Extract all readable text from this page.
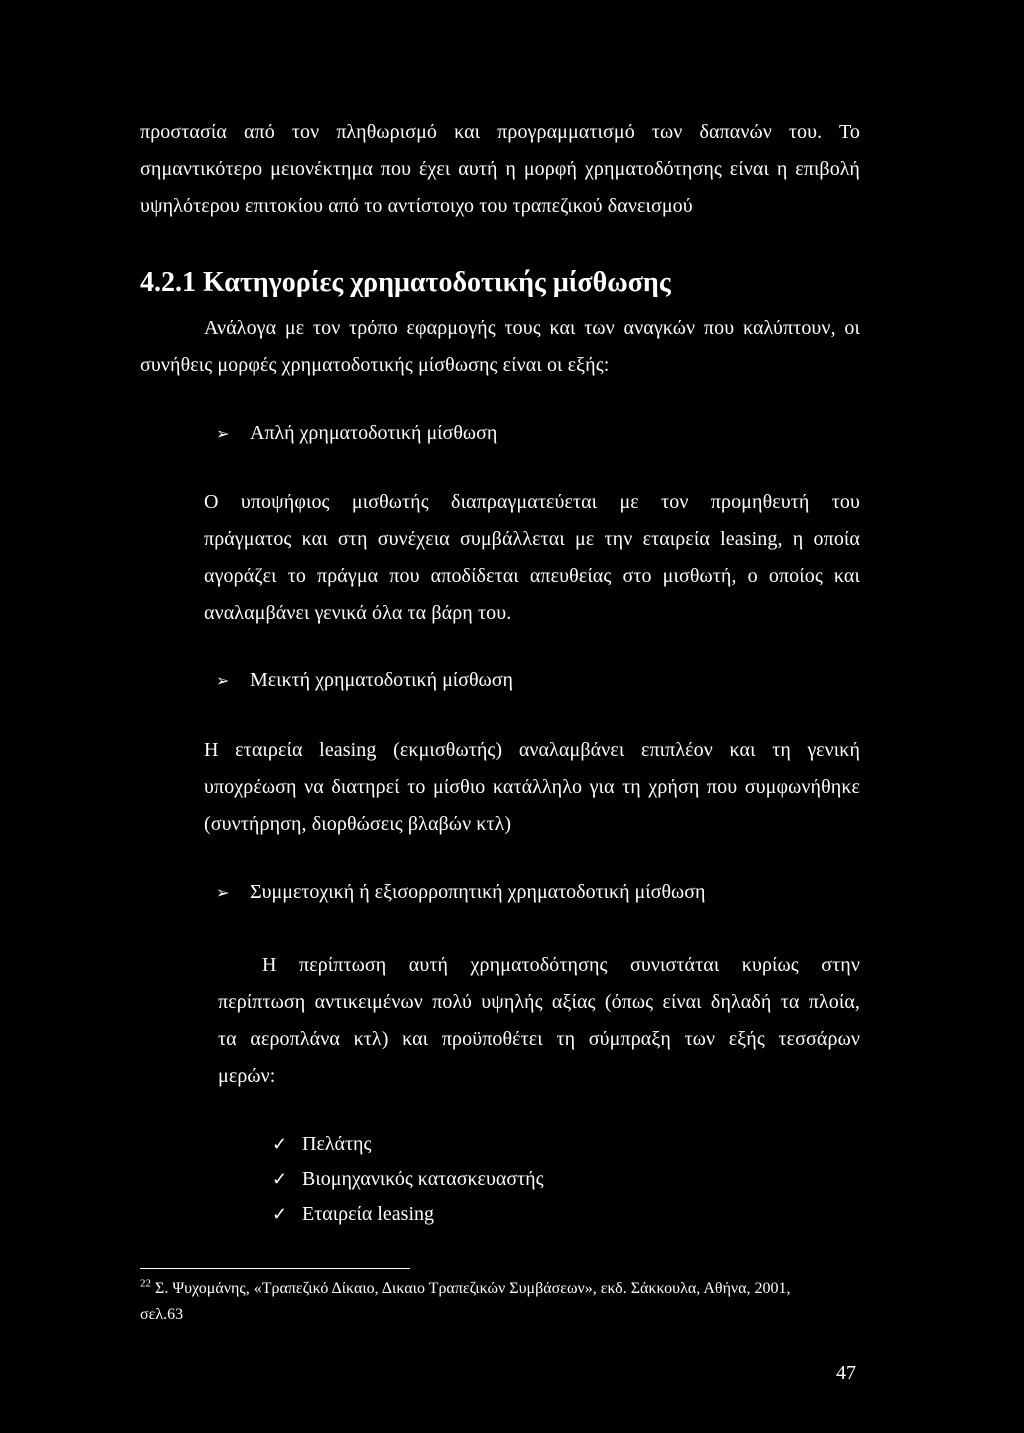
προστασία από τον πληθωρισμό και προγραμματισμό των δαπανών του. Το
σημαντικότερο μειονέκτημα που έχει αυτή η μορφή χρηματοδότησης είναι η επιβολή
υψηλότερου επιτοκίου από το αντίστοιχο του τραπεζικού δανεισμού
4.2.1 Κατηγορίες χρηματοδοτικής μίσθωσης
Ανάλογα με τον τρόπο εφαρμογής τους και των αναγκών που καλύπτουν, οι
συνήθεις μορφές χρηματοδοτικής μίσθωσης είναι οι εξής:
➢ Απλή χρηματοδοτική μίσθωση
Ο υποψήφιος μισθωτής διαπραγματεύεται με τον προμηθευτή του
πράγματος και στη συνέχεια συμβάλλεται με την εταιρεία leasing, η οποία
αγοράζει το πράγμα που αποδίδεται απευθείας στο μισθωτή, ο οποίος και
αναλαμβάνει γενικά όλα τα βάρη του.
➢ Μεικτή χρηματοδοτική μίσθωση
Η εταιρεία leasing (εκμισθωτής) αναλαμβάνει επιπλέον και τη γενική
υποχρέωση να διατηρεί το μίσθιο κατάλληλο για τη χρήση που συμφωνήθηκε
(συντήρηση, διορθώσεις βλαβών κτλ)
➢ Συμμετοχική ή εξισορροπητική χρηματοδοτική μίσθωση
Η περίπτωση αυτή χρηματοδότησης συνιστάται κυρίως στην
περίπτωση αντικειμένων πολύ υψηλής αξίας (όπως είναι δηλαδή τα πλοία,
τα αεροπλάνα κτλ) και προϋποθέτει τη σύμπραξη των εξής τεσσάρων
μερών:
✓ Πελάτης
✓ Βιομηχανικός κατασκευαστής
✓ Εταιρεία leasing
$^{22}$ Σ. Ψυχομάνης, «Τραπεζικό Δίκαιο, Δικαιο Τραπεζικών Συμβάσεων», εκδ. Σάκκουλα, Αθήνα, 2001,
σελ.63
47
